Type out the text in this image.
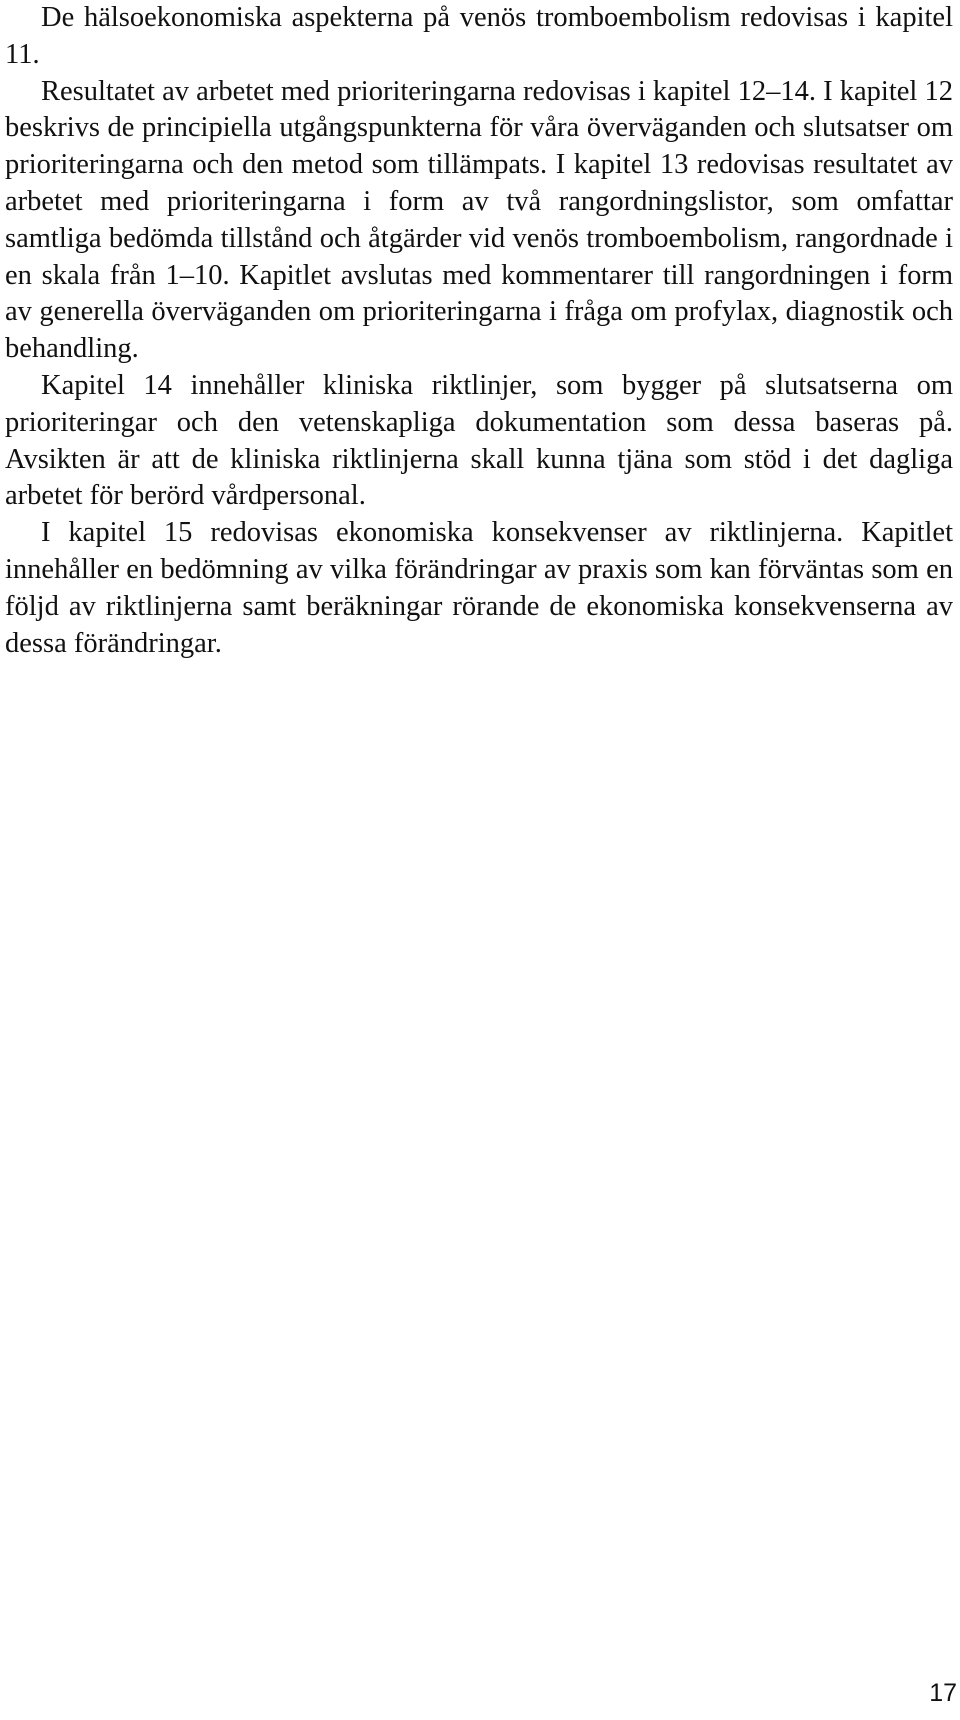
De hälsoekonomiska aspekterna på venös tromboembolism redovisas i kapitel 11.

Resultatet av arbetet med prioriteringarna redovisas i kapitel 12–14. I kapitel 12 beskrivs de principiella utgångspunkterna för våra överväganden och slutsatser om prioriteringarna och den metod som tillämpats. I kapitel 13 redovisas resultatet av arbetet med prioriteringarna i form av två rangordningslistor, som omfattar samtliga bedömda tillstånd och åtgärder vid venös tromboembolism, rangordnade i en skala från 1–10. Kapitlet avslutas med kommentarer till rangordningen i form av generella överväganden om prioriteringarna i fråga om profylax, diagnostik och behandling.

Kapitel 14 innehåller kliniska riktlinjer, som bygger på slutsatserna om prioriteringar och den vetenskapliga dokumentation som dessa baseras på. Avsikten är att de kliniska riktlinjerna skall kunna tjäna som stöd i det dagliga arbetet för berörd vårdpersonal.

I kapitel 15 redovisas ekonomiska konsekvenser av riktlinjerna. Kapitlet innehåller en bedömning av vilka förändringar av praxis som kan förväntas som en följd av riktlinjerna samt beräkningar rörande de ekonomiska konsekvenserna av dessa förändringar.

17
